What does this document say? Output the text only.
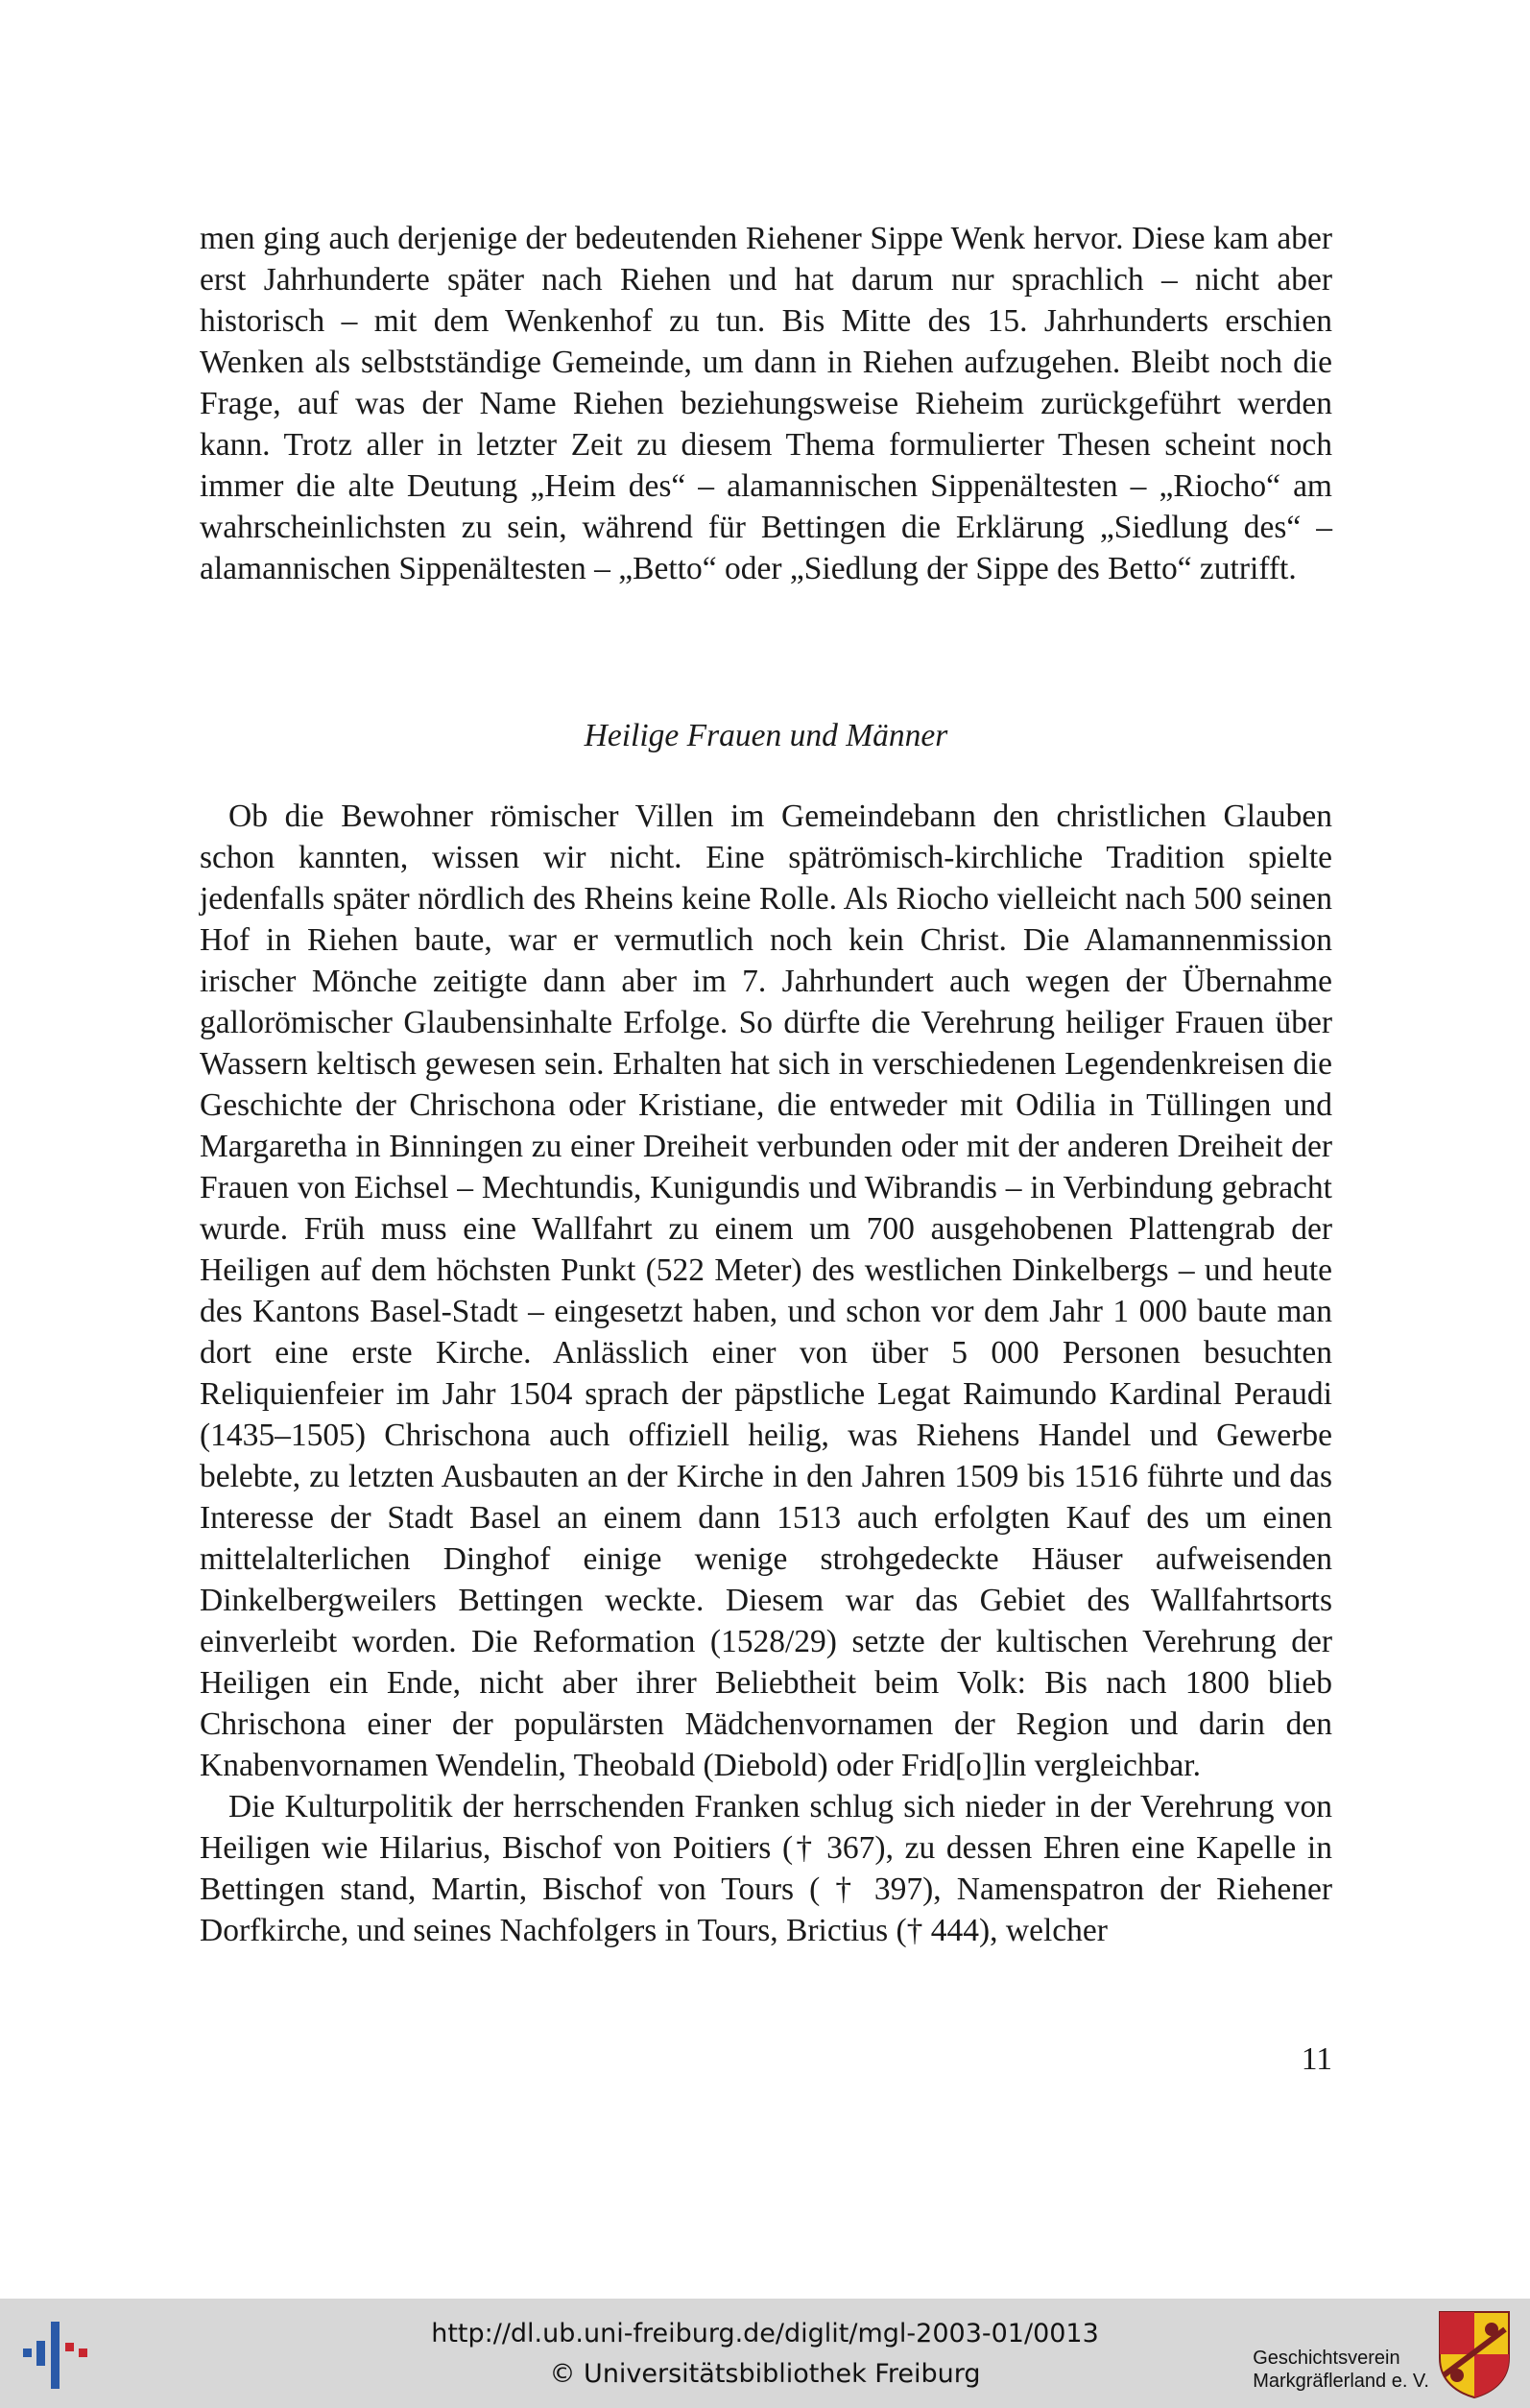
men ging auch derjenige der bedeutenden Riehener Sippe Wenk hervor. Diese kam aber erst Jahrhunderte später nach Riehen und hat darum nur sprachlich – nicht aber historisch – mit dem Wenkenhof zu tun. Bis Mitte des 15. Jahrhunderts erschien Wenken als selbstständige Gemeinde, um dann in Riehen aufzugehen. Bleibt noch die Frage, auf was der Name Riehen beziehungsweise Rieheim zurückgeführt werden kann. Trotz aller in letzter Zeit zu diesem Thema formulierter Thesen scheint noch immer die alte Deutung „Heim des“ – alamannischen Sippenältesten – „Riocho“ am wahrscheinlichsten zu sein, während für Bettingen die Erklärung „Siedlung des“ – alamannischen Sippenältesten – „Betto“ oder „Siedlung der Sippe des Betto“ zutrifft.

Heilige Frauen und Männer

Ob die Bewohner römischer Villen im Gemeindebann den christlichen Glauben schon kannten, wissen wir nicht. Eine spätrömisch-kirchliche Tradition spielte jedenfalls später nördlich des Rheins keine Rolle. Als Riocho vielleicht nach 500 seinen Hof in Riehen baute, war er vermutlich noch kein Christ. Die Alamannenmission irischer Mönche zeitigte dann aber im 7. Jahrhundert auch wegen der Übernahme gallorömischer Glaubensinhalte Erfolge. So dürfte die Verehrung heiliger Frauen über Wassern keltisch gewesen sein. Erhalten hat sich in verschiedenen Legendenkreisen die Geschichte der Chrischona oder Kristiane, die entweder mit Odilia in Tüllingen und Margaretha in Binningen zu einer Dreiheit verbunden oder mit der anderen Dreiheit der Frauen von Eichsel – Mechtundis, Kunigundis und Wibrandis – in Verbindung gebracht wurde. Früh muss eine Wallfahrt zu einem um 700 ausgehobenen Plattengrab der Heiligen auf dem höchsten Punkt (522 Meter) des westlichen Dinkelbergs – und heute des Kantons Basel-Stadt – eingesetzt haben, und schon vor dem Jahr 1 000 baute man dort eine erste Kirche. Anlässlich einer von über 5 000 Personen besuchten Reliquienfeier im Jahr 1504 sprach der päpstliche Legat Raimundo Kardinal Peraudi (1435–1505) Chrischona auch offiziell heilig, was Riehens Handel und Gewerbe belebte, zu letzten Ausbauten an der Kirche in den Jahren 1509 bis 1516 führte und das Interesse der Stadt Basel an einem dann 1513 auch erfolgten Kauf des um einen mittelalterlichen Dinghof einige wenige strohgedeckte Häuser aufweisenden Dinkelbergweilers Bettingen weckte. Diesem war das Gebiet des Wallfahrtsorts einverleibt worden. Die Reformation (1528/29) setzte der kultischen Verehrung der Heiligen ein Ende, nicht aber ihrer Beliebtheit beim Volk: Bis nach 1800 blieb Chrischona einer der populärsten Mädchenvornamen der Region und darin den Knabenvornamen Wendelin, Theobald (Diebold) oder Frid[o]lin vergleichbar.

Die Kulturpolitik der herrschenden Franken schlug sich nieder in der Verehrung von Heiligen wie Hilarius, Bischof von Poitiers († 367), zu dessen Ehren eine Kapelle in Bettingen stand, Martin, Bischof von Tours ( † 397), Namenspatron der Riehener Dorfkirche, und seines Nachfolgers in Tours, Brictius († 444), welcher

11
http://dl.ub.uni-freiburg.de/diglit/mgl-2003-01/0013
© Universitätsbibliothek Freiburg
Geschichtsverein
Markgräflerland e. V.
